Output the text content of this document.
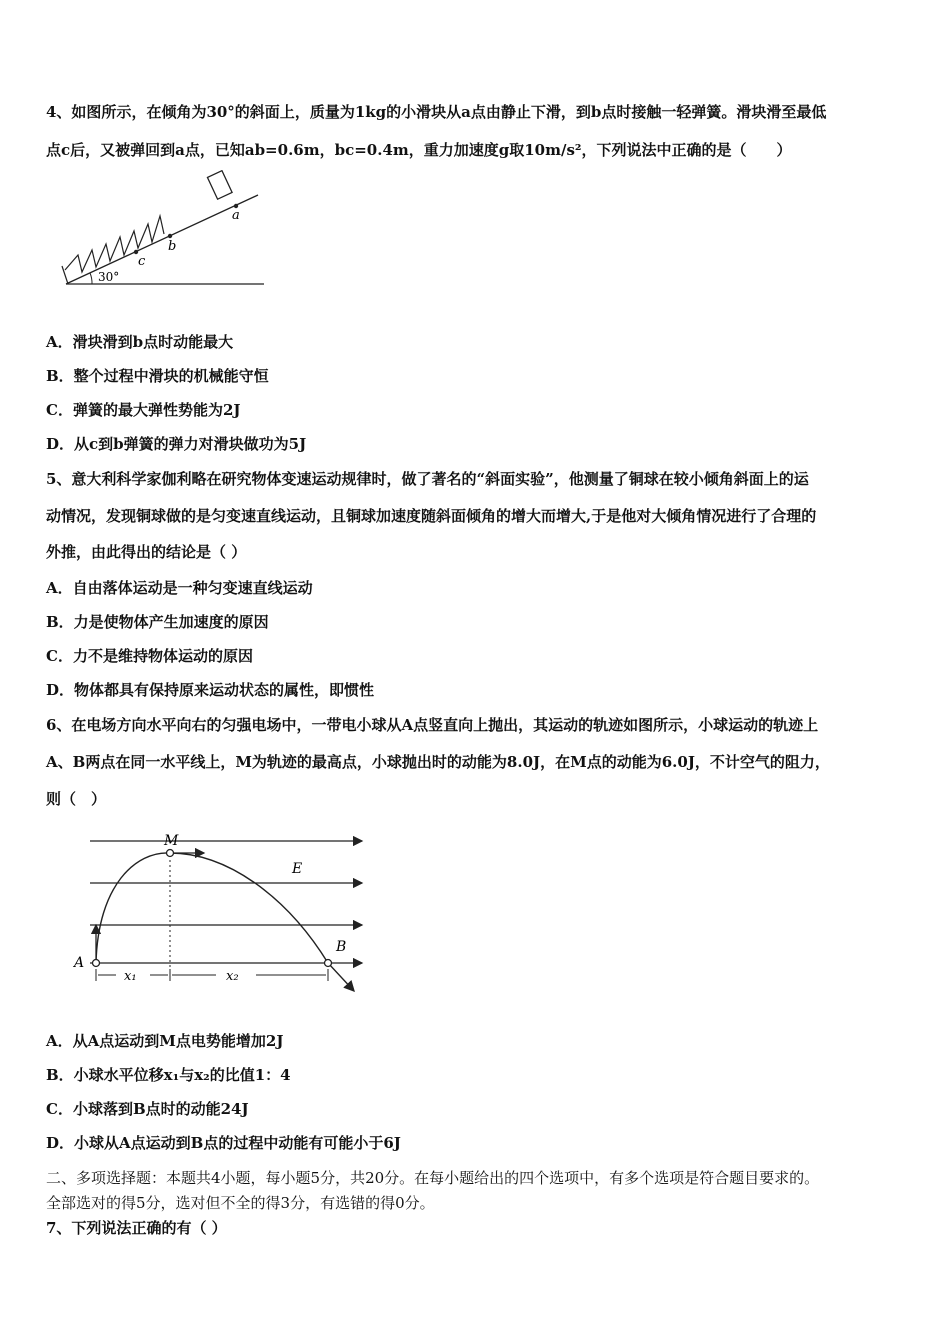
4、如图所示，在倾角为30°的斜面上，质量为1kg的小滑块从a点由静止下滑，到b点时接触一轻弹簧。滑块滑至最低
点c后，又被弹回到a点，已知ab=0.6m，bc=0.4m，重力加速度g取10m/s²，下列说法中正确的是（　　）
c
b
a
30°
A．滑块滑到b点时动能最大
B．整个过程中滑块的机械能守恒
C．弹簧的最大弹性势能为2J
D．从c到b弹簧的弹力对滑块做功为5J
5、意大利科学家伽利略在研究物体变速运动规律时，做了著名的“斜面实验”，他测量了铜球在较小倾角斜面上的运
动情况，发现铜球做的是匀变速直线运动，且铜球加速度随斜面倾角的增大而增大,于是他对大倾角情况进行了合理的
外推，由此得出的结论是（ ）
A．自由落体运动是一种匀变速直线运动
B．力是使物体产生加速度的原因
C．力不是维持物体运动的原因
D．物体都具有保持原来运动状态的属性，即惯性
6、在电场方向水平向右的匀强电场中，一带电小球从A点竖直向上抛出，其运动的轨迹如图所示，小球运动的轨迹上
A、B两点在同一水平线上，M为轨迹的最高点，小球抛出时的动能为8.0J，在M点的动能为6.0J，不计空气的阻力，
则（　）
x₁	x₂
M
E
A
B
A．从A点运动到M点电势能增加2J
B．小球水平位移x₁与x₂的比值1：4
C．小球落到B点时的动能24J
D．小球从A点运动到B点的过程中动能有可能小于6J
二、多项选择题：本题共4小题，每小题5分，共20分。在每小题给出的四个选项中，有多个选项是符合题目要求的。
全部选对的得5分，选对但不全的得3分，有选错的得0分。
7、下列说法正确的有（ ）
